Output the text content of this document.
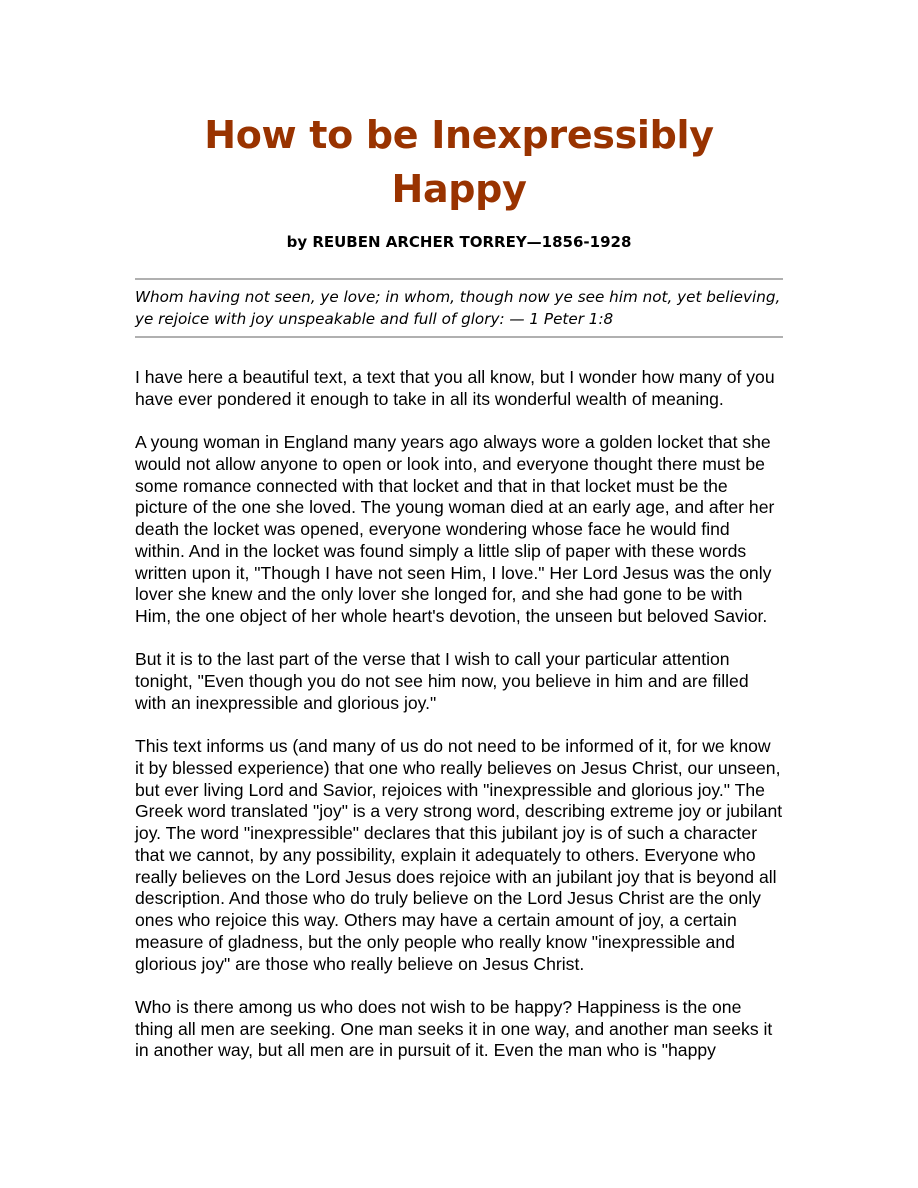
How to be Inexpressibly Happy
by REUBEN ARCHER TORREY—1856-1928
Whom having not seen, ye love; in whom, though now ye see him not, yet believing, ye rejoice with joy unspeakable and full of glory: — 1 Peter 1:8

I have here a beautiful text, a text that you all know, but I wonder how many of you have ever pondered it enough to take in all its wonderful wealth of meaning.

A young woman in England many years ago always wore a golden locket that she would not allow anyone to open or look into, and everyone thought there must be some romance connected with that locket and that in that locket must be the picture of the one she loved. The young woman died at an early age, and after her death the locket was opened, everyone wondering whose face he would find within. And in the locket was found simply a little slip of paper with these words written upon it, "Though I have not seen Him, I love." Her Lord Jesus was the only lover she knew and the only lover she longed for, and she had gone to be with Him, the one object of her whole heart's devotion, the unseen but beloved Savior.

But it is to the last part of the verse that I wish to call your particular attention tonight, "Even though you do not see him now, you believe in him and are filled with an inexpressible and glorious joy."

This text informs us (and many of us do not need to be informed of it, for we know it by blessed experience) that one who really believes on Jesus Christ, our unseen, but ever living Lord and Savior, rejoices with "inexpressible and glorious joy." The Greek word translated "joy" is a very strong word, describing extreme joy or jubilant joy. The word "inexpressible" declares that this jubilant joy is of such a character that we cannot, by any possibility, explain it adequately to others. Everyone who really believes on the Lord Jesus does rejoice with an jubilant joy that is beyond all description. And those who do truly believe on the Lord Jesus Christ are the only ones who rejoice this way. Others may have a certain amount of joy, a certain measure of gladness, but the only people who really know "inexpressible and glorious joy" are those who really believe on Jesus Christ.

Who is there among us who does not wish to be happy? Happiness is the one thing all men are seeking. One man seeks it in one way, and another man seeks it in another way, but all men are in pursuit of it. Even the man who is "happy
